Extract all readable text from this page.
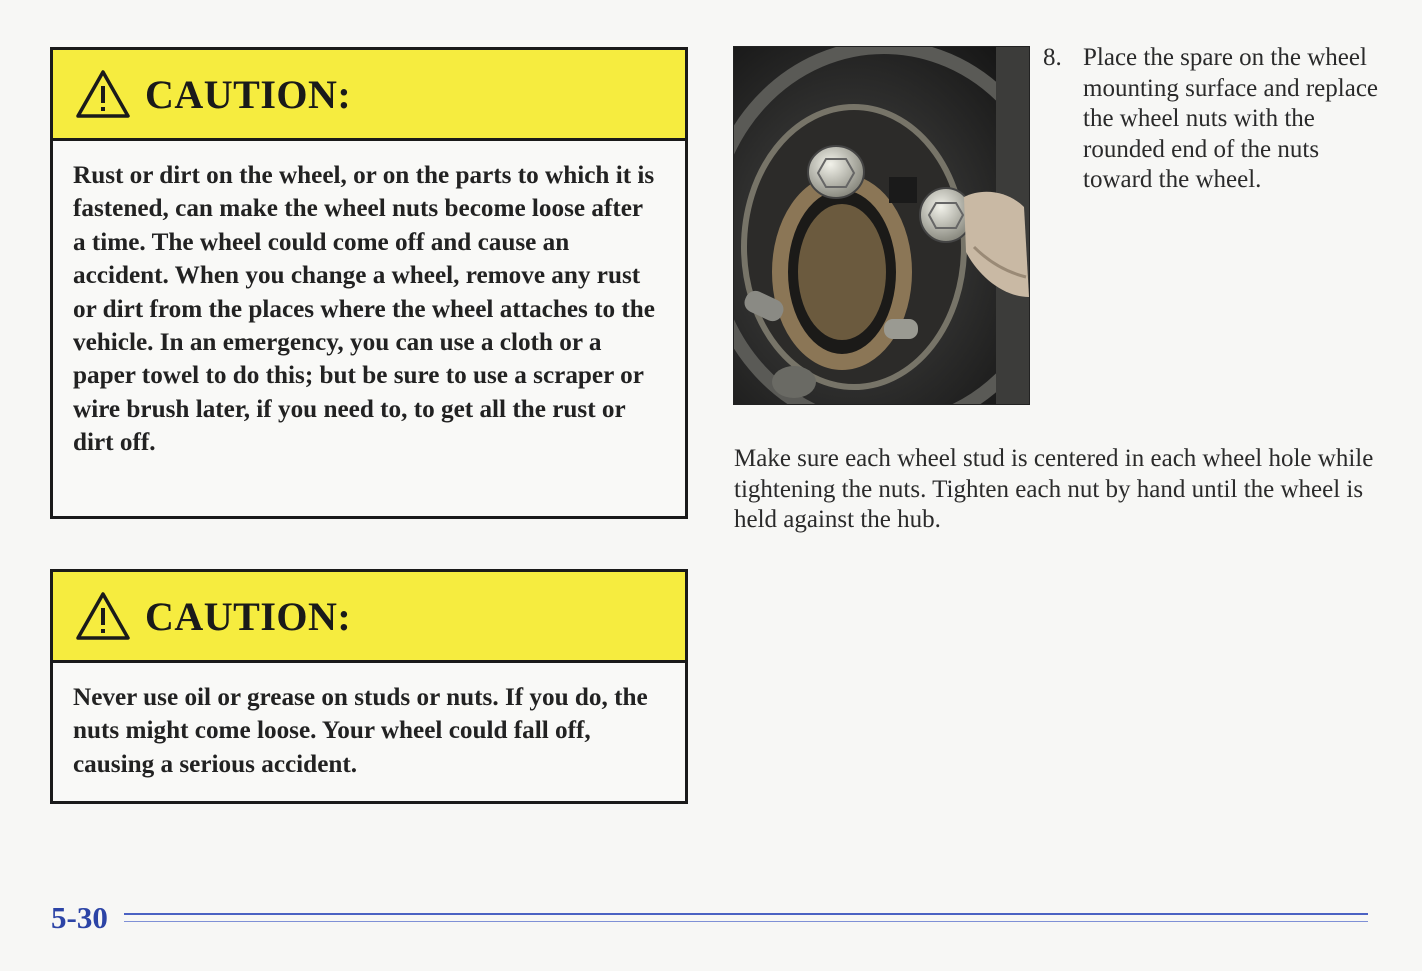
CAUTION:
Rust or dirt on the wheel, or on the parts to which it is fastened, can make the wheel nuts become loose after a time. The wheel could come off and cause an accident. When you change a wheel, remove any rust or dirt from the places where the wheel attaches to the vehicle. In an emergency, you can use a cloth or a paper towel to do this; but be sure to use a scraper or wire brush later, if you need to, to get all the rust or dirt off.
CAUTION:
Never use oil or grease on studs or nuts. If you do, the nuts might come loose. Your wheel could fall off, causing a serious accident.
8. Place the spare on the wheel mounting surface and replace the wheel nuts with the rounded end of the nuts toward the wheel.
Make sure each wheel stud is centered in each wheel hole while tightening the nuts. Tighten each nut by hand until the wheel is held against the hub.
5-30
